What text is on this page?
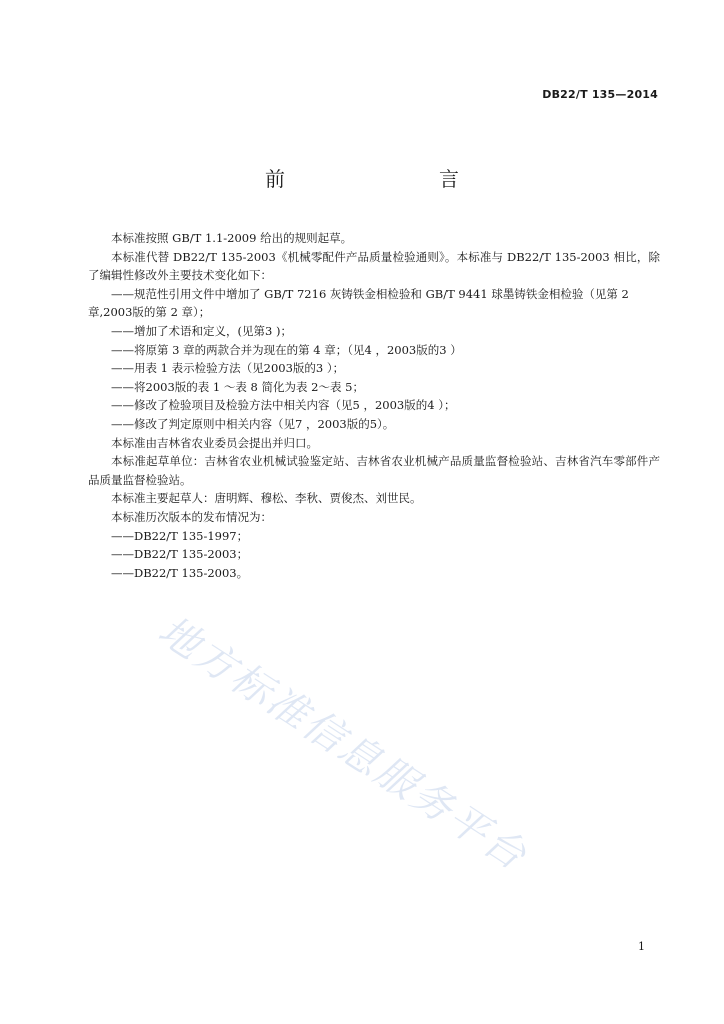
DB22/T 135—2014
前　　言

本标准按照 GB/T 1.1-2009 给出的规则起草。

本标准代替 DB22/T 135-2003《机械零配件产品质量检验通则》。本标准与 DB22/T 135-2003 相比，除了编辑性修改外主要技术变化如下：

——规范性引用文件中增加了 GB/T 7216 灰铸铁金相检验和 GB/T 9441 球墨铸铁金相检验（见第 2 章,2003版的第 2 章）；

——增加了术语和定义，(见第3 )；

——将原第 3 章的两款合并为现在的第 4 章；（见4 ，2003版的3 ）

——用表 1 表示检验方法（见2003版的3 ）；

——将2003版的表 1 ～表 8 简化为表 2～表 5；

——修改了检验项目及检验方法中相关内容（见5 ，2003版的4 ）；

——修改了判定原则中相关内容（见7 ，2003版的5）。

本标准由吉林省农业委员会提出并归口。

本标准起草单位：吉林省农业机械试验鉴定站、吉林省农业机械产品质量监督检验站、吉林省汽车零部件产品质量监督检验站。

本标准主要起草人：唐明辉、穆松、李秋、贾俊杰、刘世民。

本标准历次版本的发布情况为：

——DB22/T 135-1997；

——DB22/T 135-2003；

——DB22/T 135-2003。

地方标准信息服务平台
1
